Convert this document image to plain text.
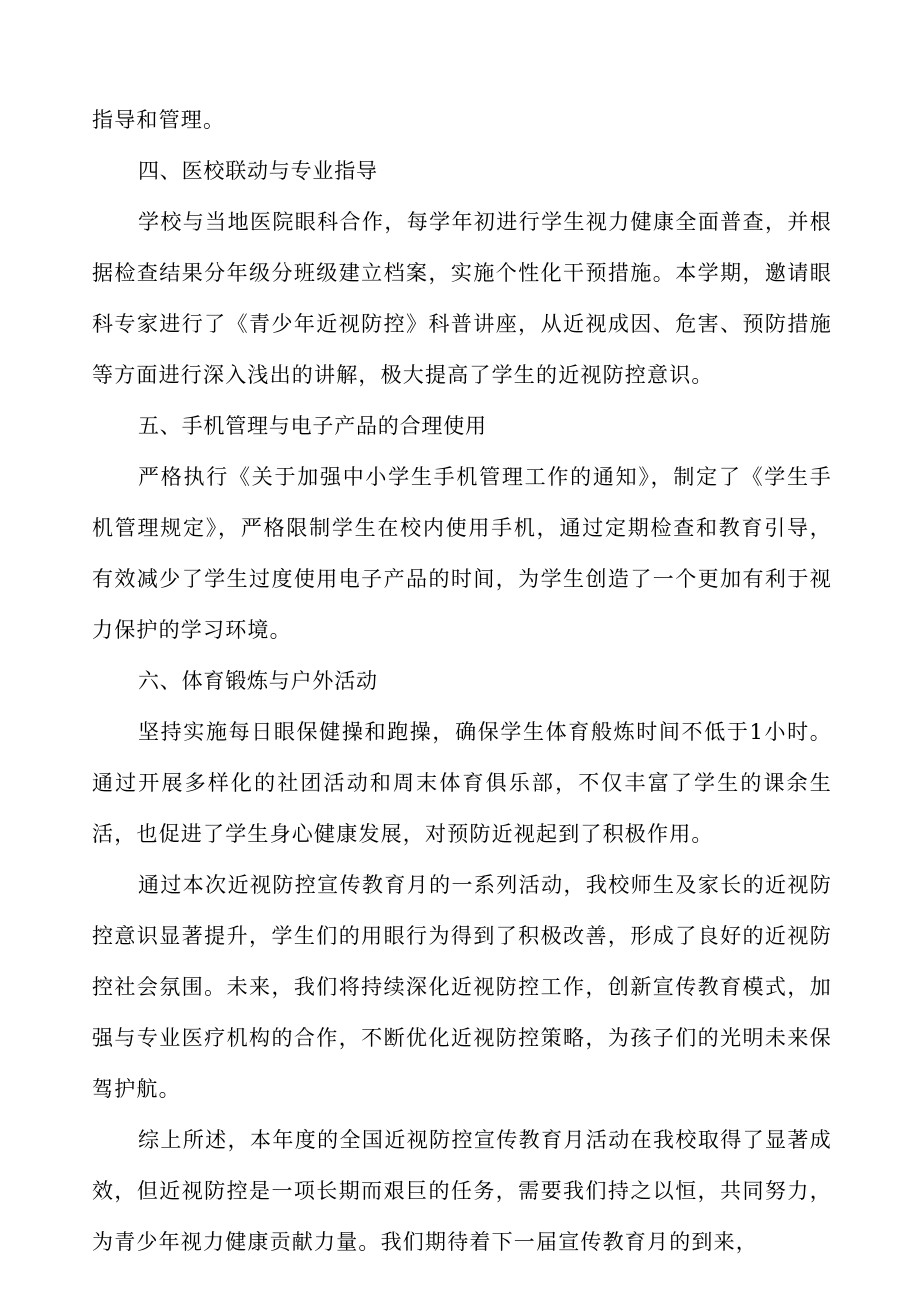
指导和管理。

四、医校联动与专业指导

学校与当地医院眼科合作，每学年初进行学生视力健康全面普查，并根据检查结果分年级分班级建立档案，实施个性化干预措施。本学期，邀请眼科专家进行了《青少年近视防控》科普讲座，从近视成因、危害、预防措施等方面进行深入浅出的讲解，极大提高了学生的近视防控意识。

五、手机管理与电子产品的合理使用

严格执行《关于加强中小学生手机管理工作的通知》，制定了《学生手机管理规定》，严格限制学生在校内使用手机，通过定期检查和教育引导，有效减少了学生过度使用电子产品的时间，为学生创造了一个更加有利于视力保护的学习环境。

六、体育锻炼与户外活动

坚持实施每日眼保健操和跑操，确保学生体育般炼时间不低于1小时。通过开展多样化的社团活动和周末体育俱乐部，不仅丰富了学生的课余生活，也促进了学生身心健康发展，对预防近视起到了积极作用。

通过本次近视防控宣传教育月的一系列活动，我校师生及家长的近视防控意识显著提升，学生们的用眼行为得到了积极改善，形成了良好的近视防控社会氛围。未来，我们将持续深化近视防控工作，创新宣传教育模式，加强与专业医疗机构的合作，不断优化近视防控策略，为孩子们的光明未来保驾护航。

综上所述，本年度的全国近视防控宣传教育月活动在我校取得了显著成效，但近视防控是一项长期而艰巨的任务，需要我们持之以恒，共同努力，为青少年视力健康贡献力量。我们期待着下一届宣传教育月的到来，
